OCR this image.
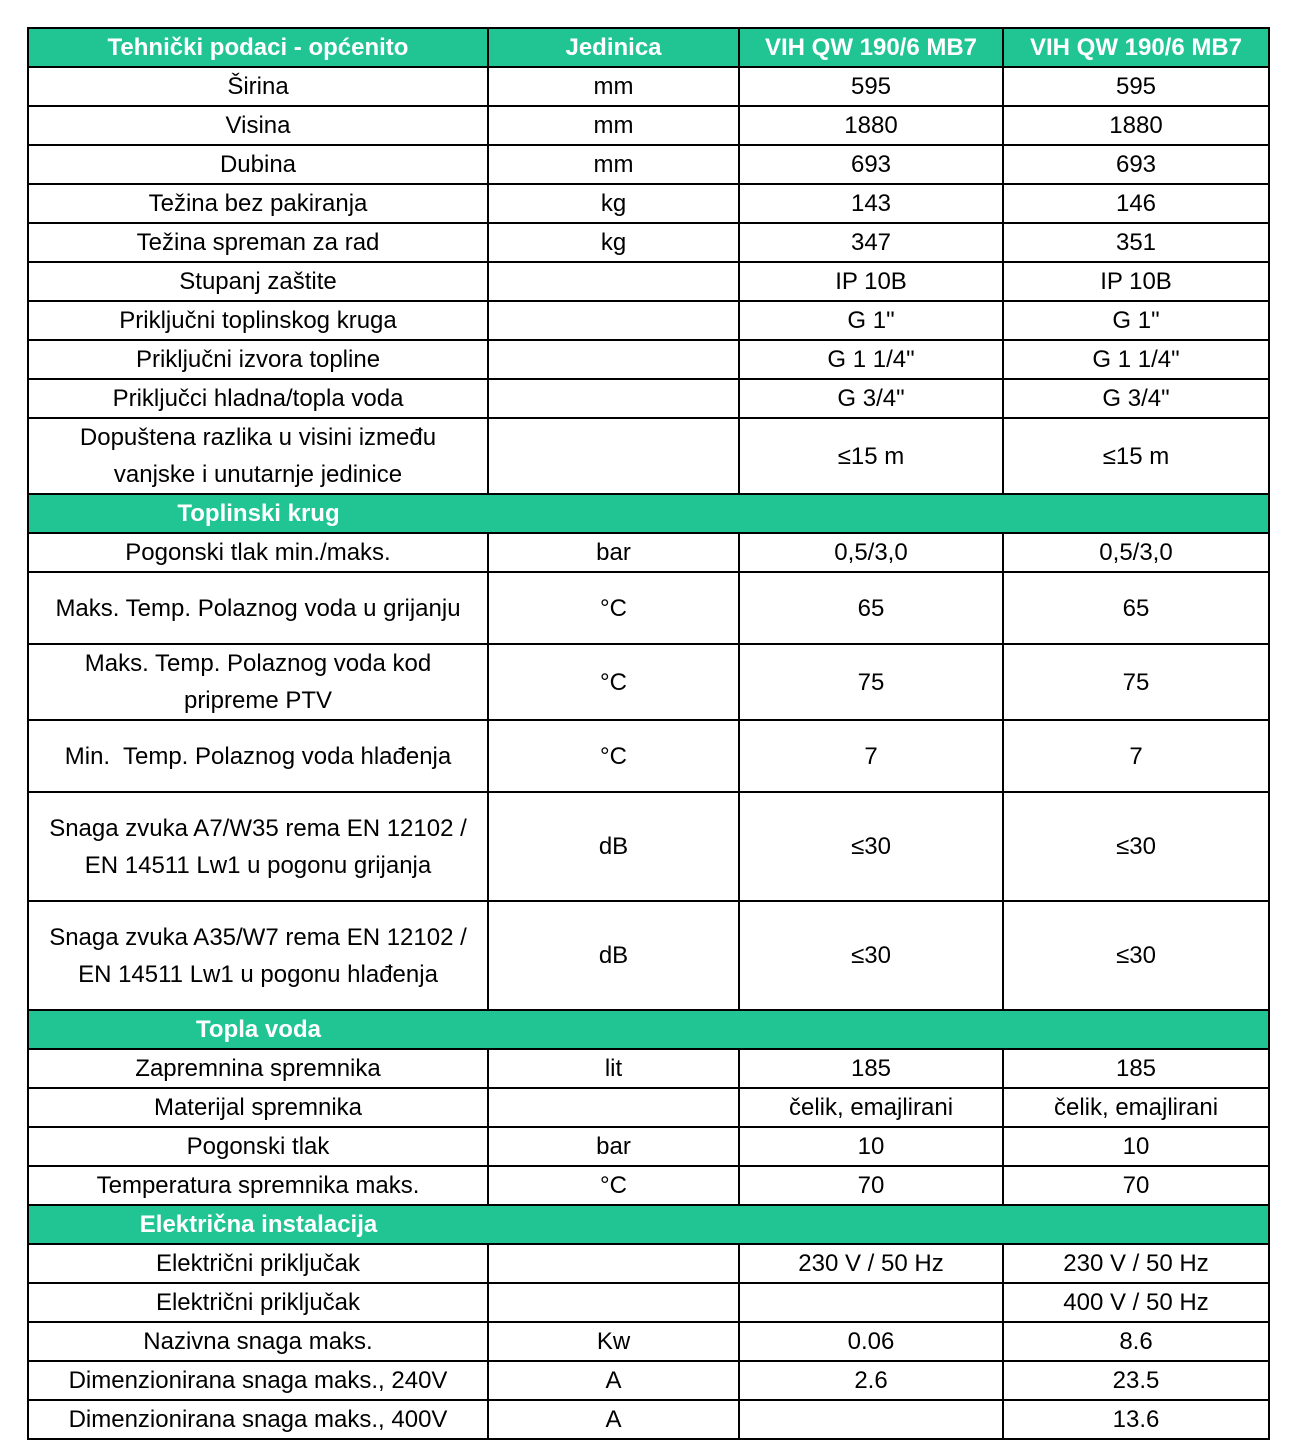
Tehnički podaci - općenito	Jedinica	VIH QW 190/6 MB7	VIH QW 190/6 MB7
Širina	mm	595	595
Visina	mm	1880	1880
Dubina	mm	693	693
Težina bez pakiranja	kg	143	146
Težina spreman za rad	kg	347	351
Stupanj zaštite		IP 10B	IP 10B
Priključni toplinskog kruga		G 1"	G 1"
Priključni izvora topline		G 1 1/4"	G 1 1/4"
Priključci hladna/topla voda		G 3/4"	G 3/4"
Dopuštena razlika u visini između
vanjske i unutarnje jedinice		≤15 m	≤15 m
Toplinski krug			
Pogonski tlak min./maks.	bar	0,5/3,0	0,5/3,0
Maks. Temp. Polaznog voda u grijanju	°C	65	65
Maks. Temp. Polaznog voda kod
pripreme PTV	°C	75	75
Min.  Temp. Polaznog voda hlađenja	°C	7	7
Snaga zvuka A7/W35 rema EN 12102 /
EN 14511 Lw1 u pogonu grijanja	dB	≤30	≤30
Snaga zvuka A35/W7 rema EN 12102 /
EN 14511 Lw1 u pogonu hlađenja	dB	≤30	≤30
Topla voda			
Zapremnina spremnika	lit	185	185
Materijal spremnika		čelik, emajlirani	čelik, emajlirani
Pogonski tlak	bar	10	10
Temperatura spremnika maks.	°C	70	70
Električna instalacija			
Električni priključak		230 V / 50 Hz	230 V / 50 Hz
Električni priključak			400 V / 50 Hz
Nazivna snaga maks.	Kw	0.06	8.6
Dimenzionirana snaga maks., 240V	A	2.6	23.5
Dimenzionirana snaga maks., 400V	A		13.6
